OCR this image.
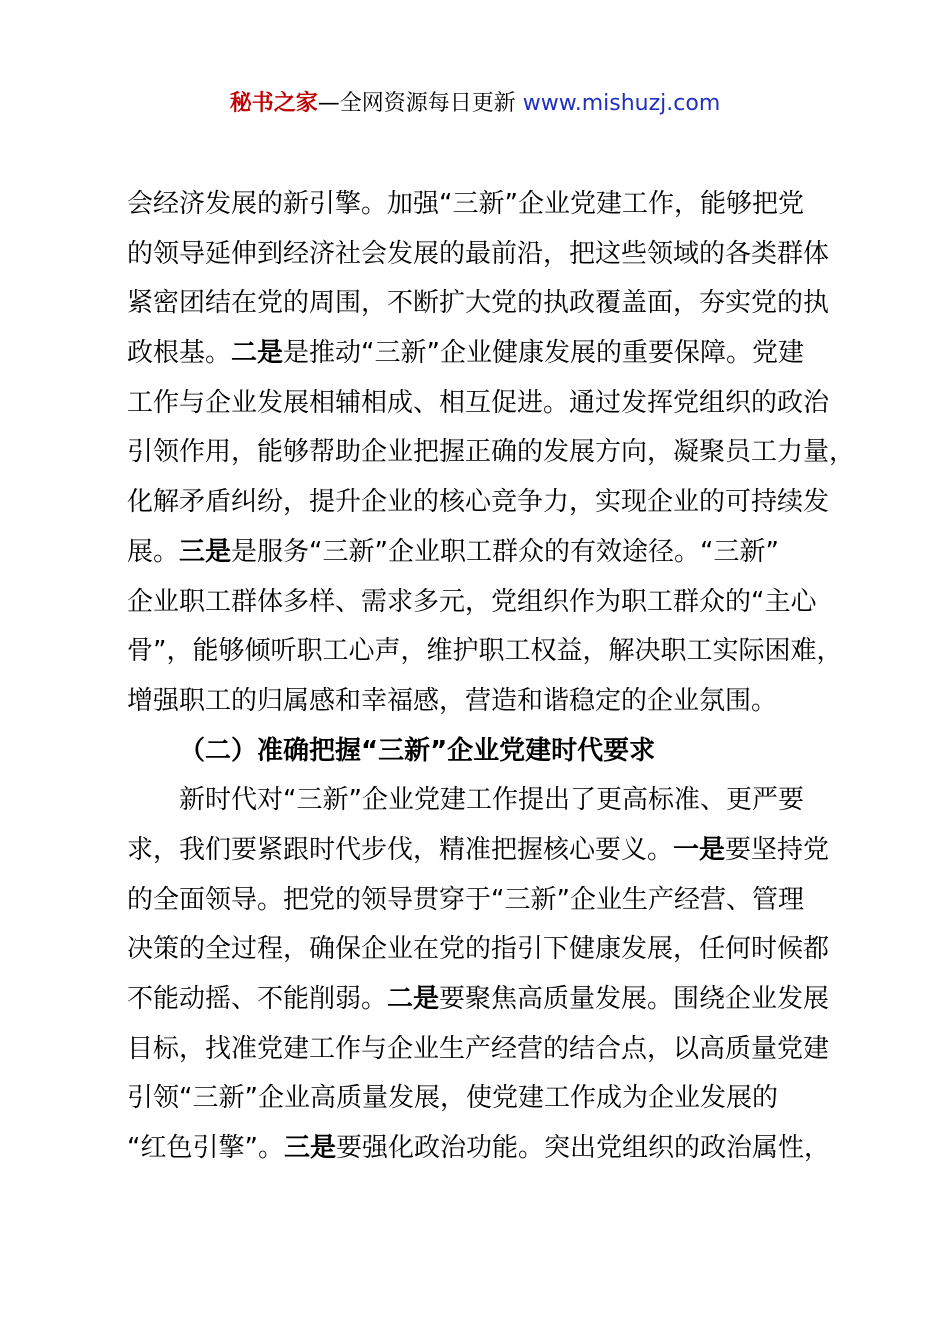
秘书之家—全网资源每日更新 www.mishuzj.com
会经济发展的新引擎。加强“三新”企业党建工作，能够把党
的领导延伸到经济社会发展的最前沿，把这些领域的各类群体
紧密团结在党的周围，不断扩大党的执政覆盖面，夯实党的执
政根基。二是是推动“三新”企业健康发展的重要保障。党建
工作与企业发展相辅相成、相互促进。通过发挥党组织的政治
引领作用，能够帮助企业把握正确的发展方向，凝聚员工力量，
化解矛盾纠纷，提升企业的核心竞争力，实现企业的可持续发
展。三是是服务“三新”企业职工群众的有效途径。“三新”
企业职工群体多样、需求多元，党组织作为职工群众的“主心
骨”，能够倾听职工心声，维护职工权益，解决职工实际困难，
增强职工的归属感和幸福感，营造和谐稳定的企业氛围。
（二）准确把握“三新”企业党建时代要求
新时代对“三新”企业党建工作提出了更高标准、更严要
求，我们要紧跟时代步伐，精准把握核心要义。一是要坚持党
的全面领导。把党的领导贯穿于“三新”企业生产经营、管理
决策的全过程，确保企业在党的指引下健康发展，任何时候都
不能动摇、不能削弱。二是要聚焦高质量发展。围绕企业发展
目标，找准党建工作与企业生产经营的结合点，以高质量党建
引领“三新”企业高质量发展，使党建工作成为企业发展的
“红色引擎”。三是要强化政治功能。突出党组织的政治属性，
